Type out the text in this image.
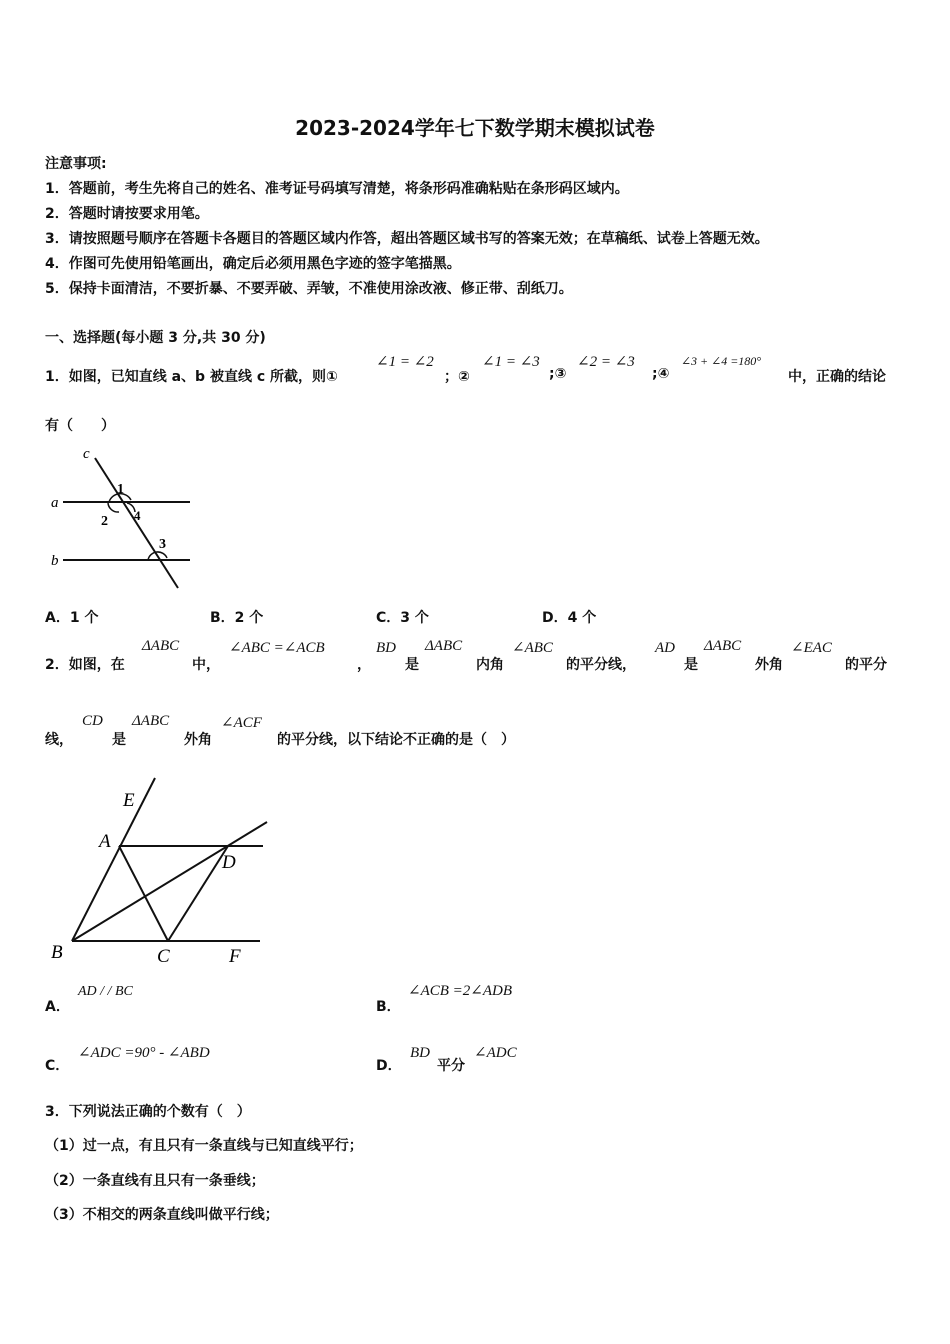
2023-2024学年七下数学期末模拟试卷
注意事项:
1．答题前，考生先将自己的姓名、准考证号码填写清楚，将条形码准确粘贴在条形码区域内。
2．答题时请按要求用笔。
3．请按照题号顺序在答题卡各题目的答题区域内作答，超出答题区域书写的答案无效；在草稿纸、试卷上答题无效。
4．作图可先使用铅笔画出，确定后必须用黑色字迹的签字笔描黑。
5．保持卡面清洁，不要折暴、不要弄破、弄皱，不准使用涂改液、修正带、刮纸刀。
一、选择题(每小题 3 分,共 30 分)
1．如图，已知直线 a、b 被直线 c 所截，则①
∠1 = ∠2
；②
∠1 = ∠3
;③
∠2 = ∠3
;④
∠3 + ∠4 =180°
中，正确的结论
有（　　）
c
a
b
1
2 4
3
A．1 个	B．2 个	C．3 个	D．4 个
2．如图，在
ΔABC
中，
∠ABC =∠ACB
，
BD
是
ΔABC
内角
∠ABC
的平分线，
AD
是
ΔABC
外角
∠EAC
的平分
线，
CD
是
ΔABC
外角
∠ACF
的平分线，以下结论不正确的是（　）
E
A
D
B	C	F
A．
AD / / BC
B．
∠ACB =2∠ADB
C．
∠ADC =90° - ∠ABD
D．
BD
平分
∠ADC
3．下列说法正确的个数有（　）
（1）过一点，有且只有一条直线与已知直线平行；
（2）一条直线有且只有一条垂线；
（3）不相交的两条直线叫做平行线；
